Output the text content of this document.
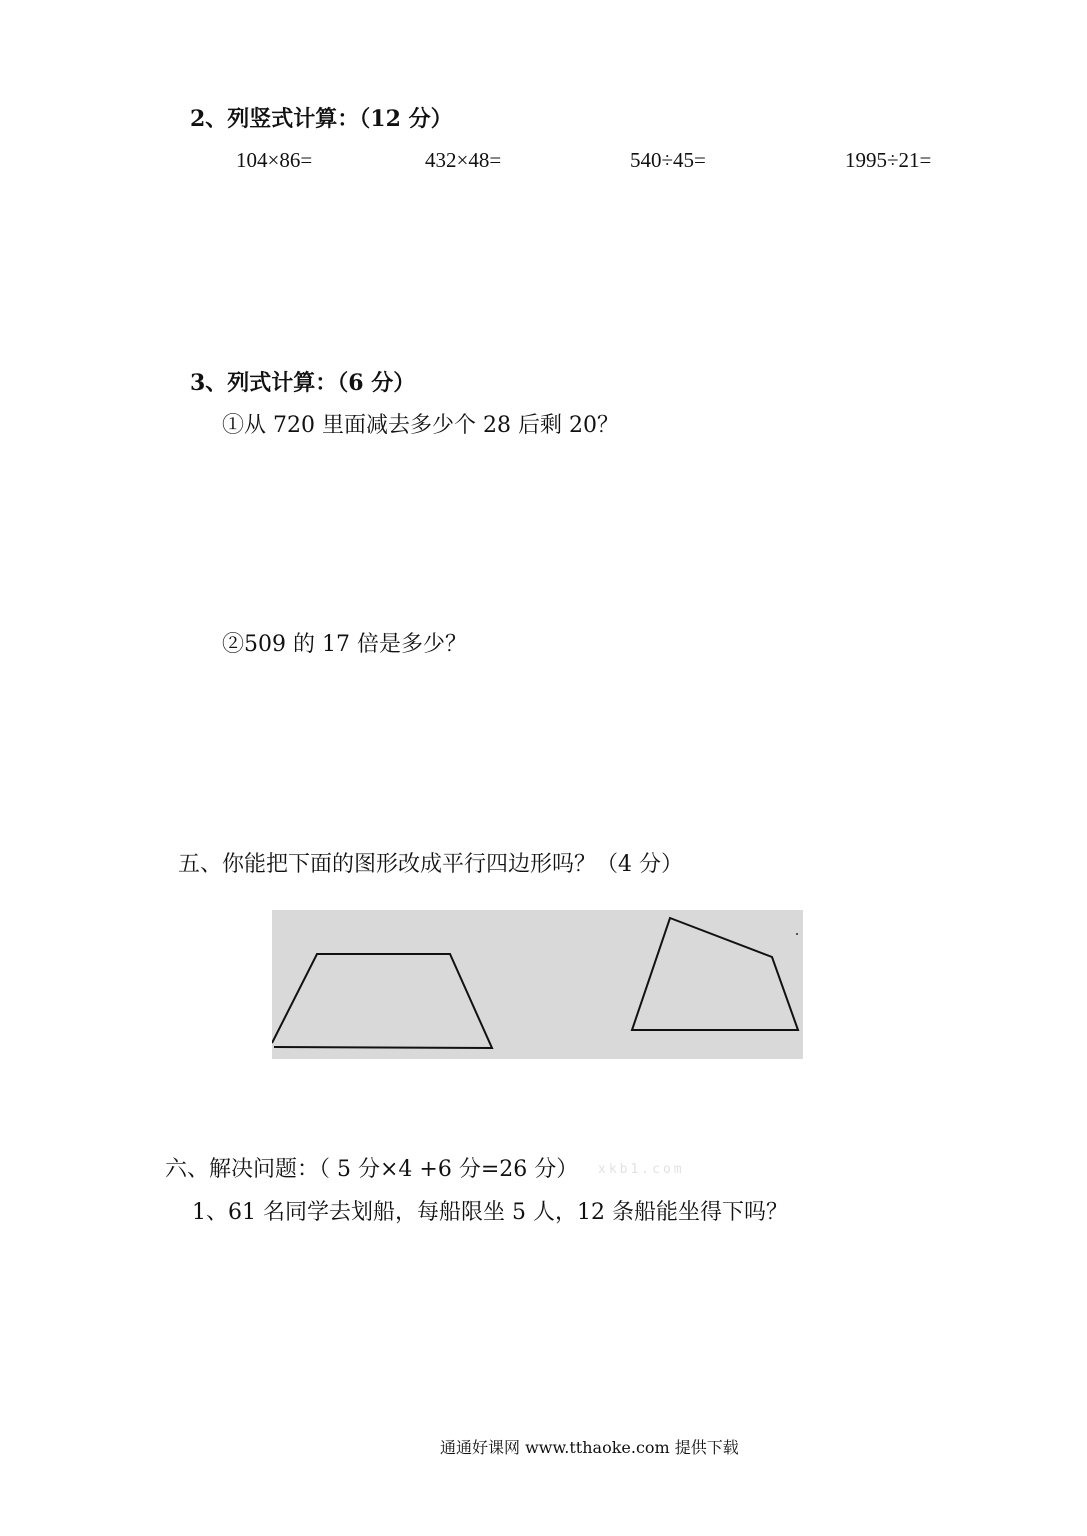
2、列竖式计算：（12 分）
104×86=	432×48=	540÷45=	1995÷21=
3、列式计算：（6 分）
①从 720 里面减去多少个 28 后剩 20？
②509 的 17 倍是多少？
五、你能把下面的图形改成平行四边形吗？（4 分）
六、解决问题：（ 5 分×4 +6 分=26 分） xkb1.com
1、61 名同学去划船，每船限坐 5 人，12 条船能坐得下吗？
通通好课网 www.tthaoke.com 提供下载
